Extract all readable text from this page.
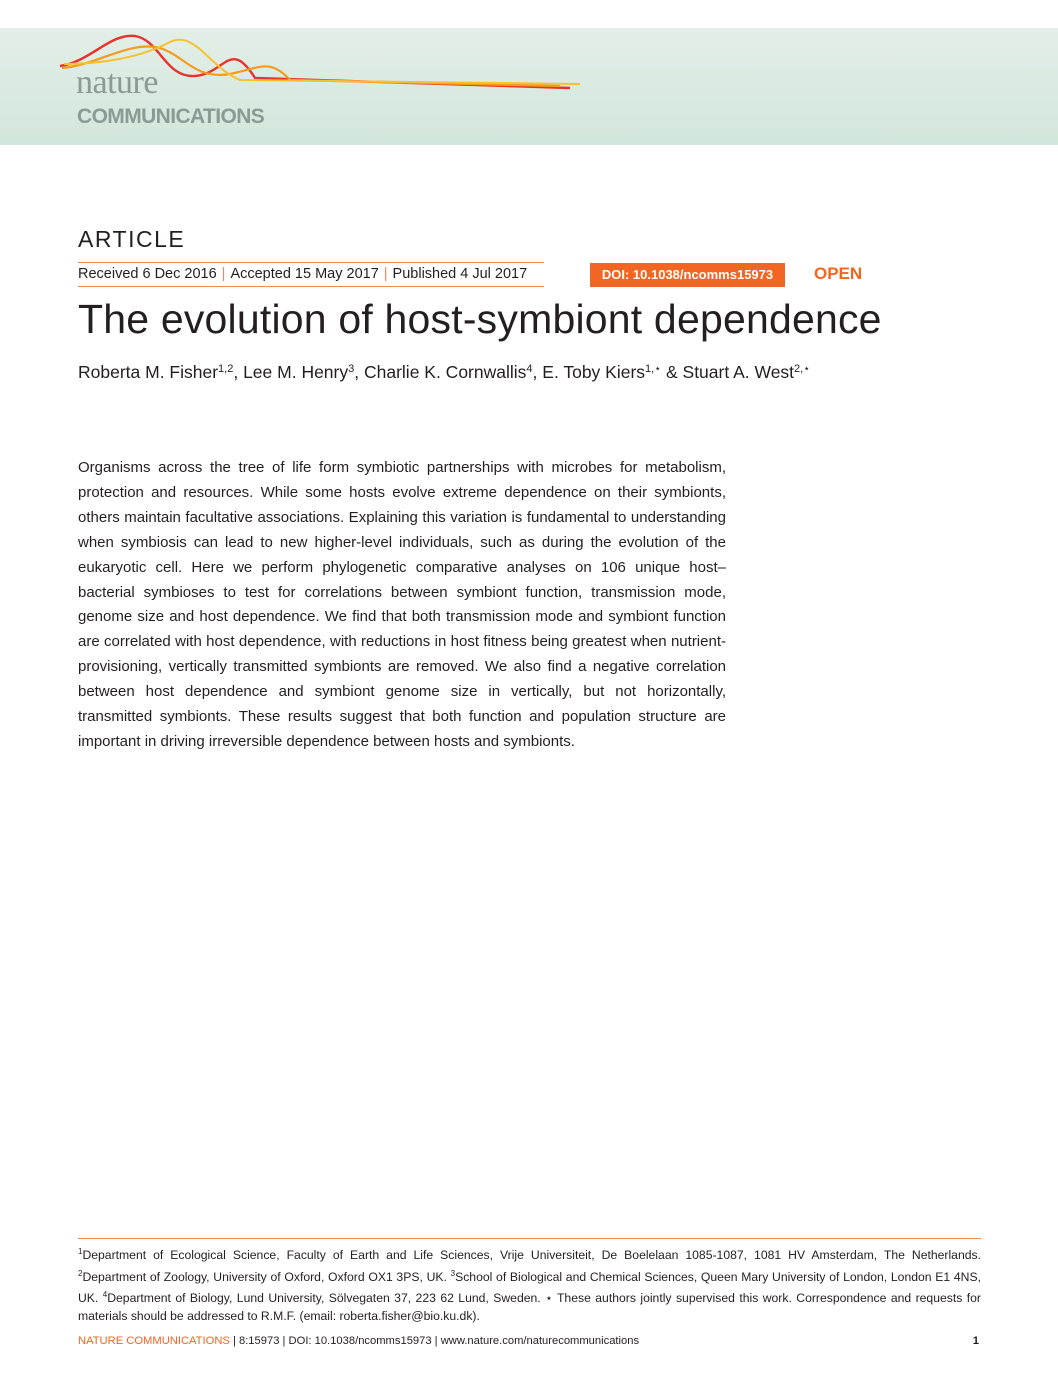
nature
COMMUNICATIONS
ARTICLE
Received 6 Dec 2016 | Accepted 15 May 2017 | Published 4 Jul 2017	DOI: 10.1038/ncomms15973	OPEN
The evolution of host-symbiont dependence
Roberta M. Fisher$^{1,2}$, Lee M. Henry$^3$, Charlie K. Cornwallis$^4$, E. Toby Kiers$^{1,⋆}$ & Stuart A. West$^{2,⋆}$

Organisms across the tree of life form symbiotic partnerships with microbes for metabolism, protection and resources. While some hosts evolve extreme dependence on their symbionts, others maintain facultative associations. Explaining this variation is fundamental to understanding when symbiosis can lead to new higher-level individuals, such as during the evolution of the eukaryotic cell. Here we perform phylogenetic comparative analyses on 106 unique host–bacterial symbioses to test for correlations between symbiont function, transmission mode, genome size and host dependence. We find that both transmission mode and symbiont function are correlated with host dependence, with reductions in host fitness being greatest when nutrient-provisioning, vertically transmitted symbionts are removed. We also find a negative correlation between host dependence and symbiont genome size in vertically, but not horizontally, transmitted symbionts. These results suggest that both function and population structure are important in driving irreversible dependence between hosts and symbionts.

$^1$Department of Ecological Science, Faculty of Earth and Life Sciences, Vrije Universiteit, De Boelelaan 1085-1087, 1081 HV Amsterdam, The Netherlands. $^2$Department of Zoology, University of Oxford, Oxford OX1 3PS, UK. $^3$School of Biological and Chemical Sciences, Queen Mary University of London, London E1 4NS, UK. $^4$Department of Biology, Lund University, Sölvegaten 37, 223 62 Lund, Sweden. ⋆ These authors jointly supervised this work. Correspondence and requests for materials should be addressed to R.M.F. (email: roberta.fisher@bio.ku.dk).
NATURE COMMUNICATIONS | 8:15973 | DOI: 10.1038/ncomms15973 | www.nature.com/naturecommunications	1
